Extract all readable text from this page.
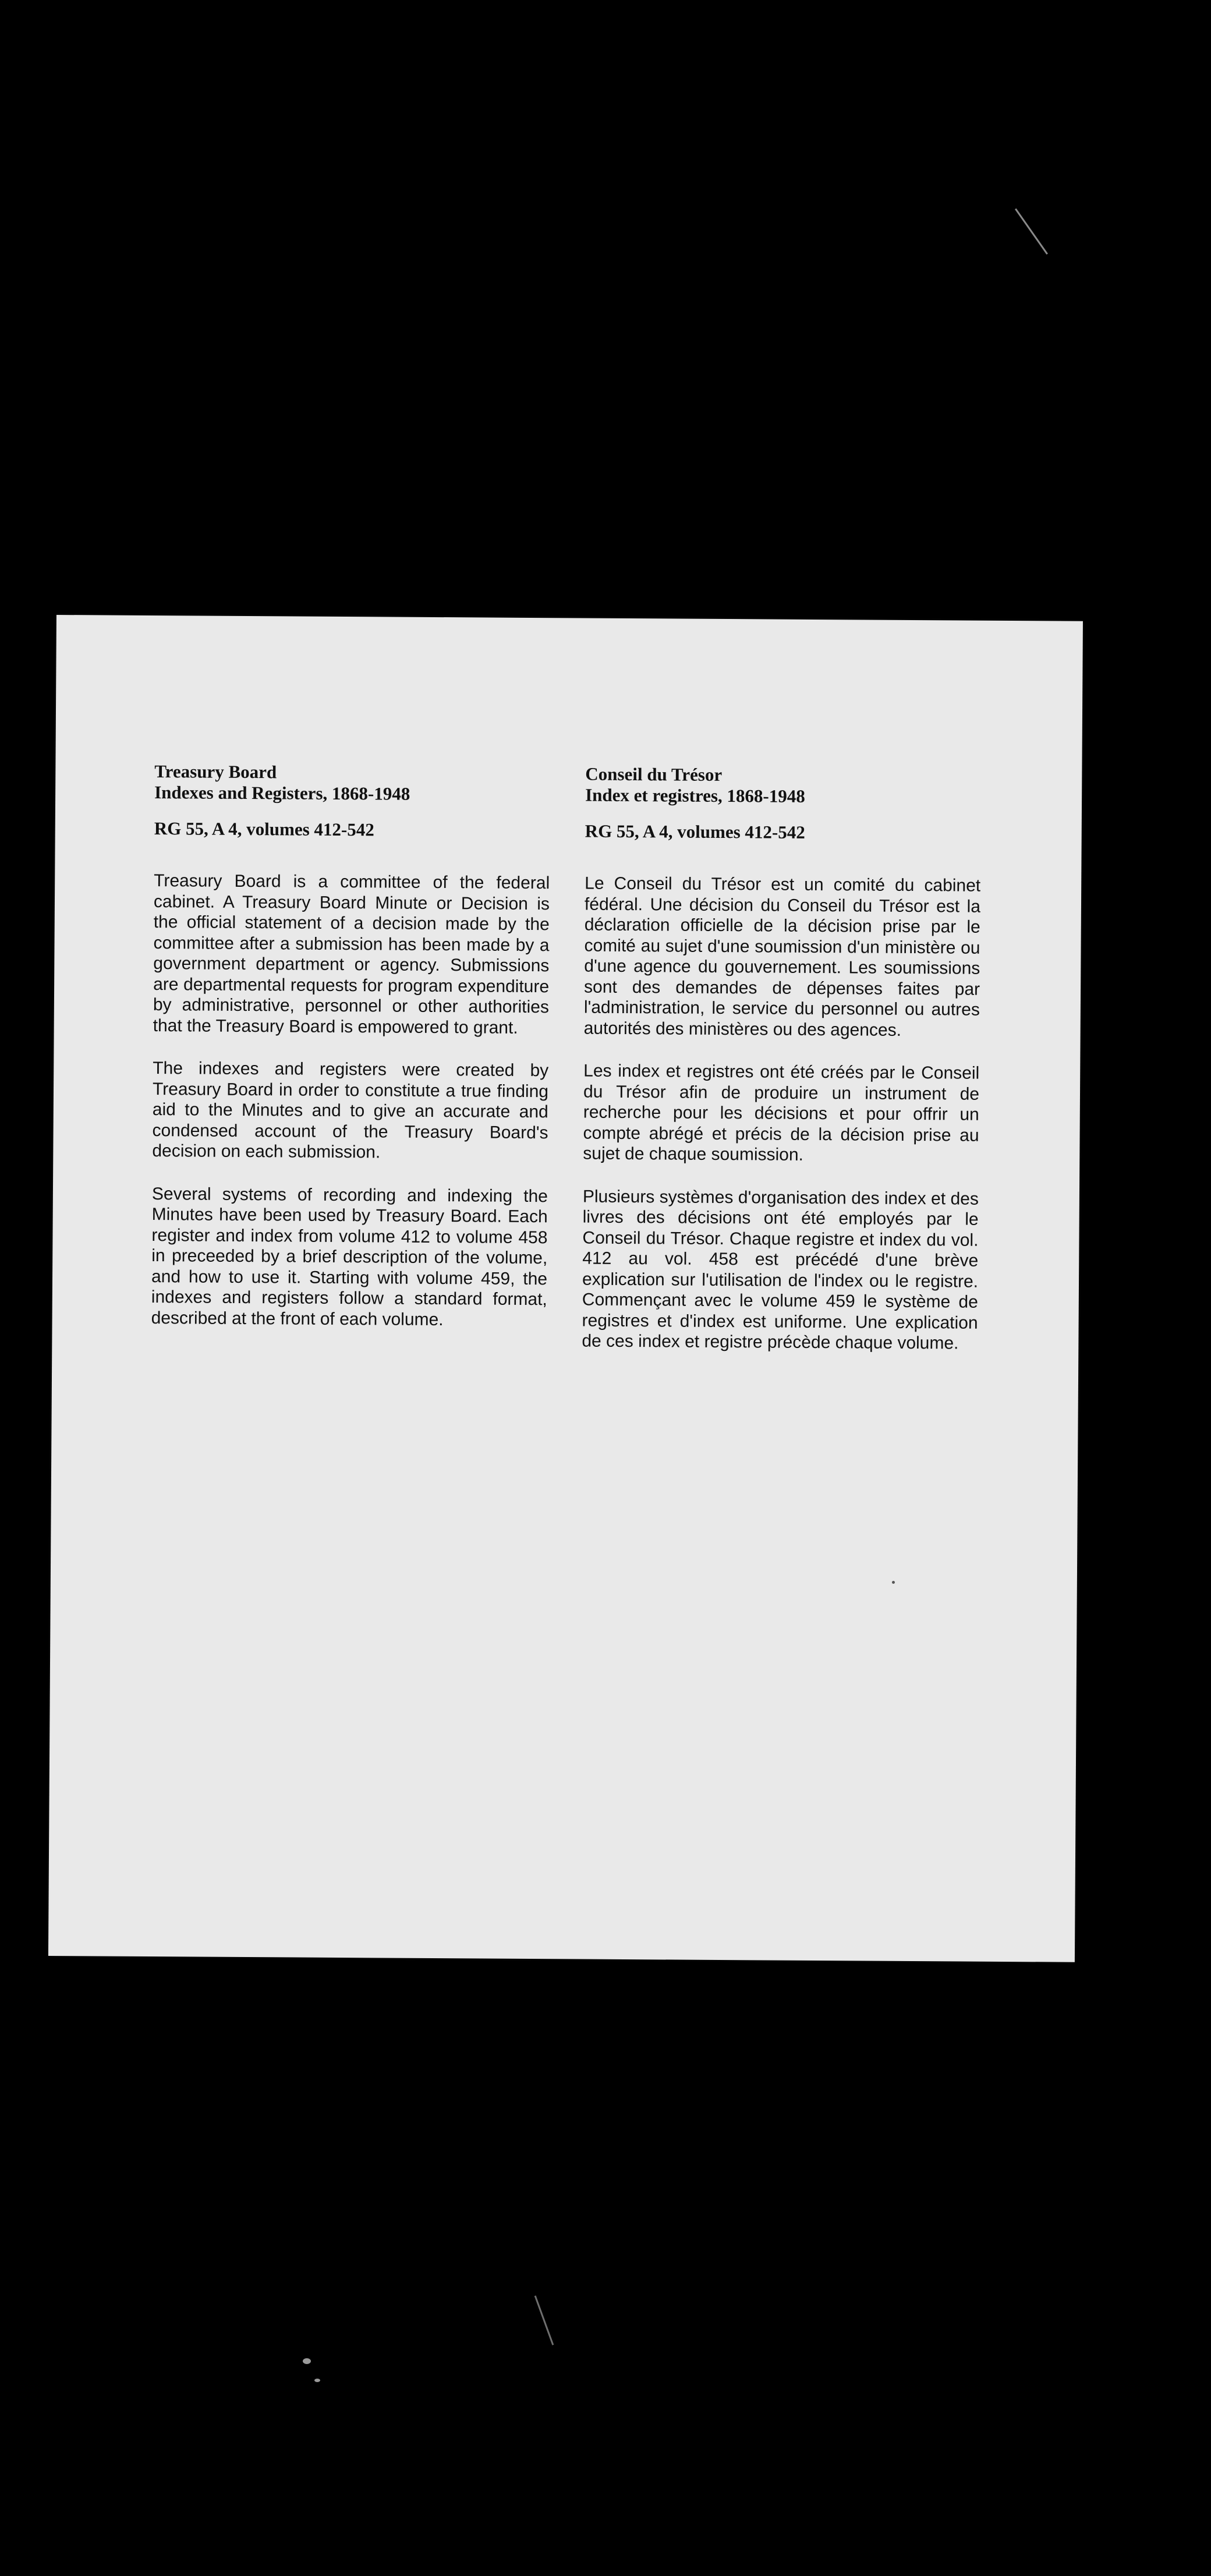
Treasury Board

Indexes and Registers, 1868-1948

RG 55, A 4, volumes 412-542

Treasury Board is a committee of the federal cabinet. A Treasury Board Minute or Decision is the official statement of a decision made by the committee after a submission has been made by a government department or agency. Submissions are departmental requests for program expenditure by administrative, personnel or other authorities that the Treasury Board is empowered to grant.

The indexes and registers were created by Treasury Board in order to constitute a true finding aid to the Minutes and to give an accurate and condensed account of the Treasury Board's decision on each submission.

Several systems of recording and indexing the Minutes have been used by Treasury Board. Each register and index from volume 412 to volume 458 in preceeded by a brief description of the volume, and how to use it. Starting with volume 459, the indexes and registers follow a standard format, described at the front of each volume.

Conseil du Trésor

Index et registres, 1868-1948

RG 55, A 4, volumes 412-542

Le Conseil du Trésor est un comité du cabinet fédéral. Une décision du Conseil du Trésor est la déclaration officielle de la décision prise par le comité au sujet d'une soumission d'un ministère ou d'une agence du gouvernement. Les soumissions sont des demandes de dépenses faites par l'administration, le service du personnel ou autres autorités des ministères ou des agences.

Les index et registres ont été créés par le Conseil du Trésor afin de produire un instrument de recherche pour les décisions et pour offrir un compte abrégé et précis de la décision prise au sujet de chaque soumission.

Plusieurs systèmes d'organisation des index et des livres des décisions ont été employés par le Conseil du Trésor. Chaque registre et index du vol. 412 au vol. 458 est précédé d'une brève explication sur l'utilisation de l'index ou le registre. Commençant avec le volume 459 le système de registres et d'index est uniforme. Une explication de ces index et registre précède chaque volume.
